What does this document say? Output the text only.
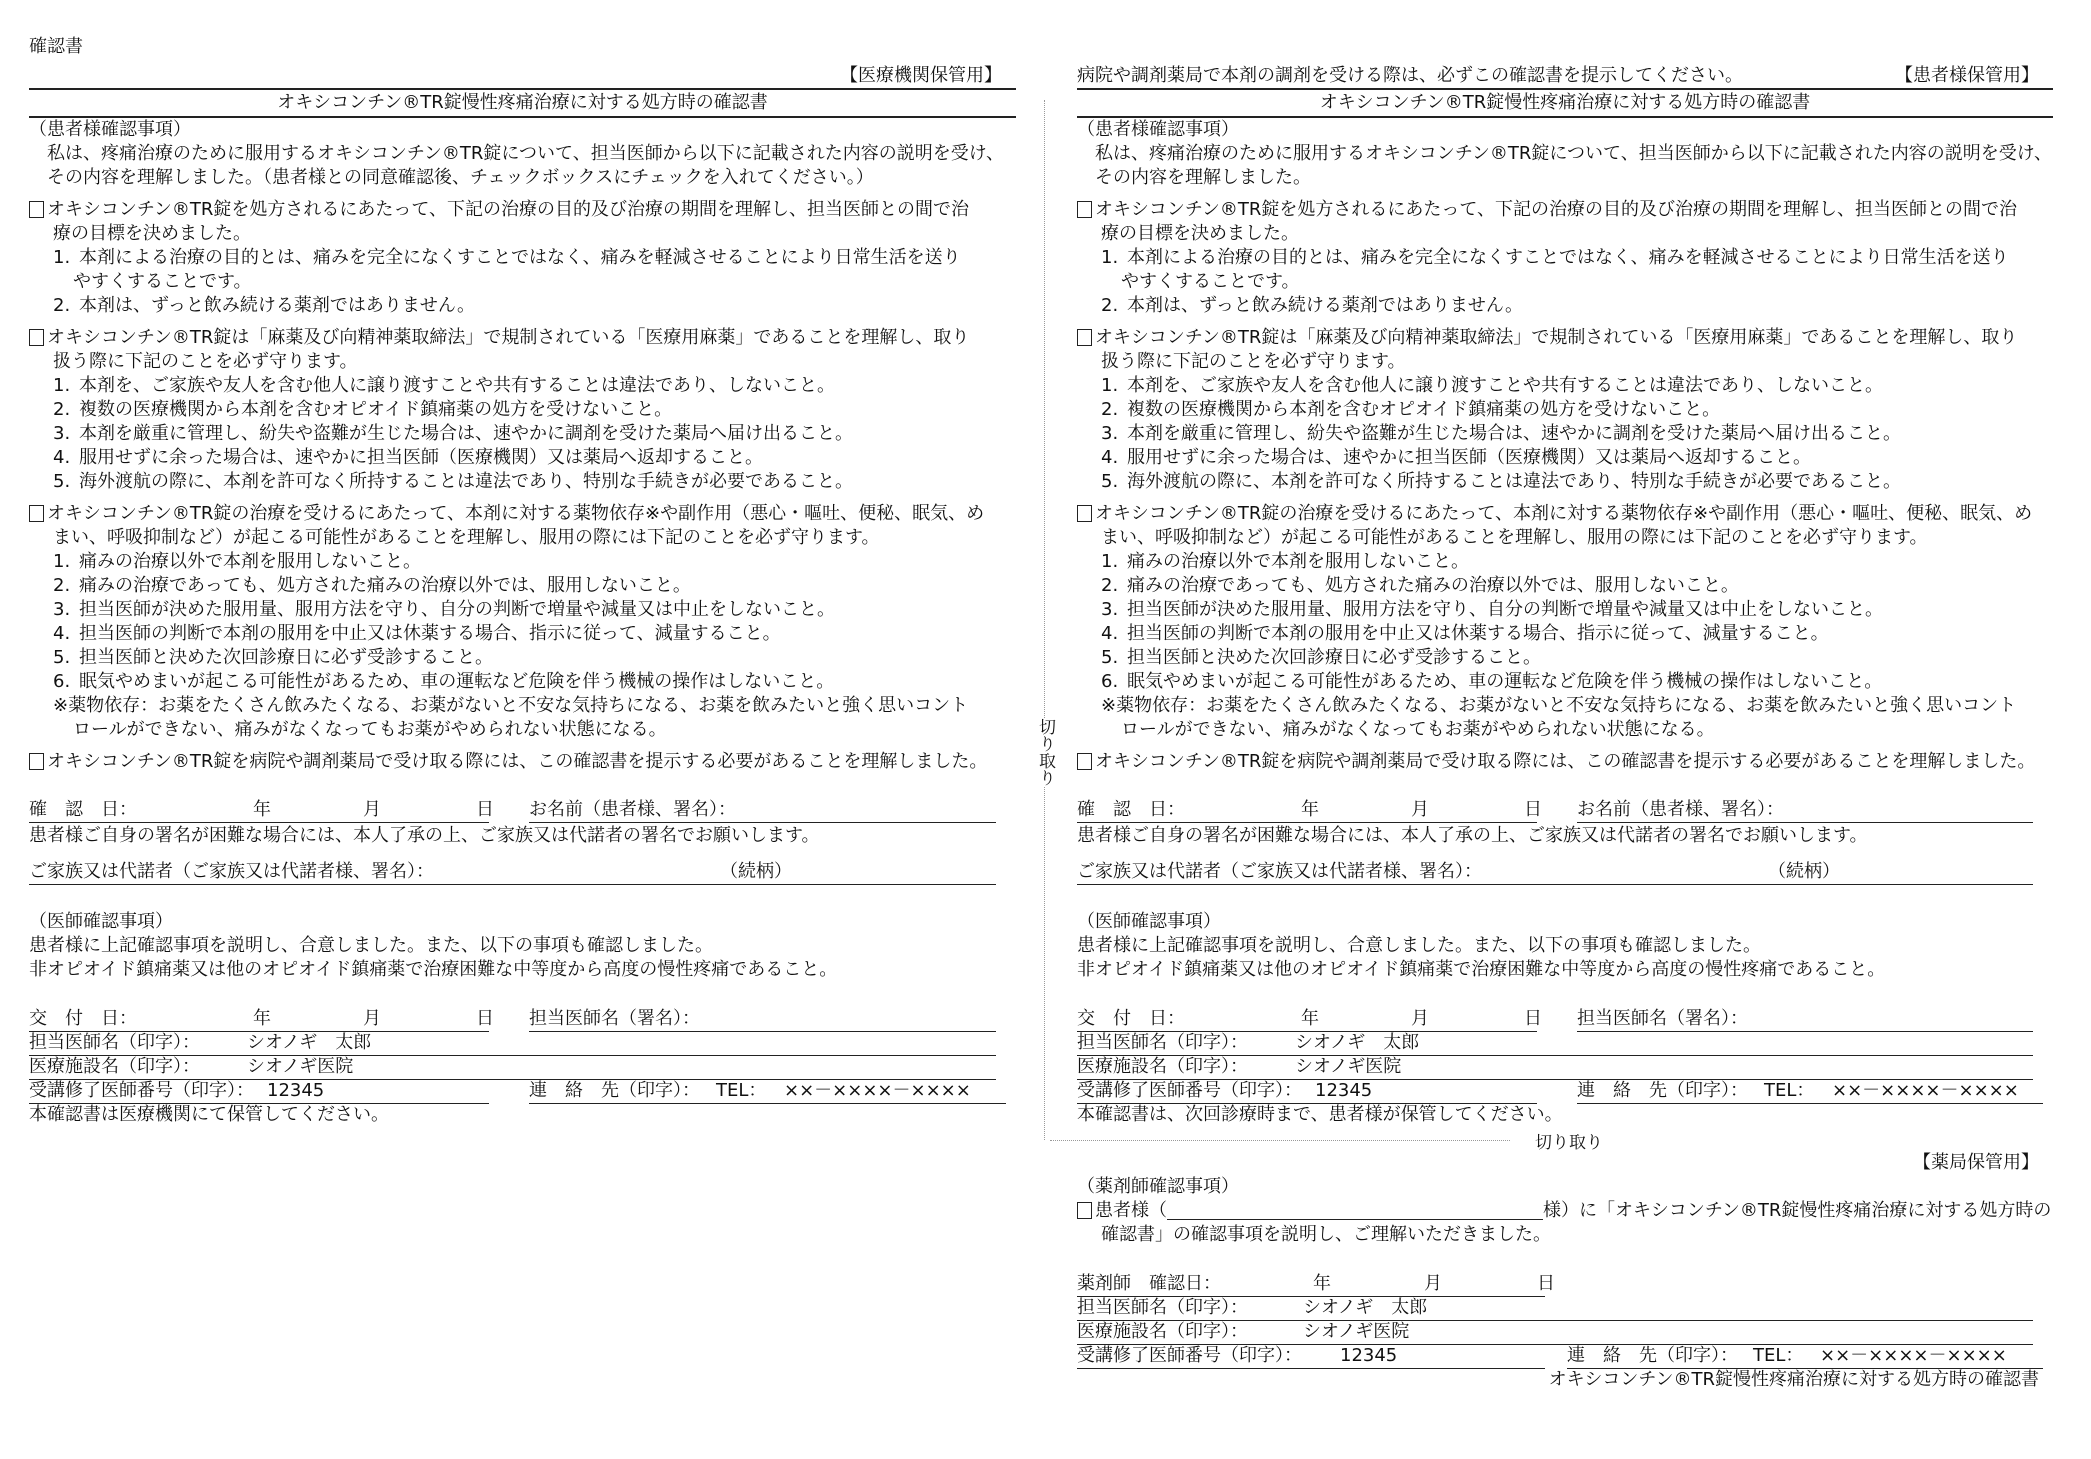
確認書
【医療機関保管用】
オキシコンチン®TR錠慢性疼痛治療に対する処方時の確認書
（患者様確認事項）
私は、疼痛治療のために服用するオキシコンチン®TR錠について、担当医師から以下に記載された内容の説明を受け、
その内容を理解しました。（患者様との同意確認後、チェックボックスにチェックを入れてください。）
オキシコンチン®TR錠を処方されるにあたって、下記の治療の目的及び治療の期間を理解し、担当医師との間で治
療の目標を決めました。
1. 本剤による治療の目的とは、痛みを完全になくすことではなく、痛みを軽減させることにより日常生活を送り
やすくすることです。
2. 本剤は、ずっと飲み続ける薬剤ではありません。
オキシコンチン®TR錠は「麻薬及び向精神薬取締法」で規制されている「医療用麻薬」であることを理解し、取り
扱う際に下記のことを必ず守ります。
1. 本剤を、ご家族や友人を含む他人に譲り渡すことや共有することは違法であり、しないこと。
2. 複数の医療機関から本剤を含むオピオイド鎮痛薬の処方を受けないこと。
3. 本剤を厳重に管理し、紛失や盗難が生じた場合は、速やかに調剤を受けた薬局へ届け出ること。
4. 服用せずに余った場合は、速やかに担当医師（医療機関）又は薬局へ返却すること。
5. 海外渡航の際に、本剤を許可なく所持することは違法であり、特別な手続きが必要であること。
オキシコンチン®TR錠の治療を受けるにあたって、本剤に対する薬物依存※や副作用（悪心・嘔吐、便秘、眠気、め
まい、呼吸抑制など）が起こる可能性があることを理解し、服用の際には下記のことを必ず守ります。
1. 痛みの治療以外で本剤を服用しないこと。
2. 痛みの治療であっても、処方された痛みの治療以外では、服用しないこと。
3. 担当医師が決めた服用量、服用方法を守り、自分の判断で増量や減量又は中止をしないこと。
4. 担当医師の判断で本剤の服用を中止又は休薬する場合、指示に従って、減量すること。
5. 担当医師と決めた次回診療日に必ず受診すること。
6. 眠気やめまいが起こる可能性があるため、車の運転など危険を伴う機械の操作はしないこと。
※薬物依存：お薬をたくさん飲みたくなる、お薬がないと不安な気持ちになる、お薬を飲みたいと強く思いコント
ロールができない、痛みがなくなってもお薬がやめられない状態になる。
オキシコンチン®TR錠を病院や調剤薬局で受け取る際には、この確認書を提示する必要があることを理解しました。
確　認　日：	年	月	日 お名前（患者様、署名）：
患者様ご自身の署名が困難な場合には、本人了承の上、ご家族又は代諾者の署名でお願いします。
ご家族又は代諾者（ご家族又は代諾者様、署名）：	（続柄）
（医師確認事項）
患者様に上記確認事項を説明し、合意しました。また、以下の事項も確認しました。
非オピオイド鎮痛薬又は他のオピオイド鎮痛薬で治療困難な中等度から高度の慢性疼痛であること。
交　付　日：	年	月	日 担当医師名（署名）：
担当医師名（印字）：	シオノギ　太郎
医療施設名（印字）：	シオノギ医院
受講修了医師番号（印字）： 12345	連　絡　先（印字）： TEL： ××－××××－××××
本確認書は医療機関にて保管してください。
病院や調剤薬局で本剤の調剤を受ける際は、必ずこの確認書を提示してください。	【患者様保管用】
オキシコンチン®TR錠慢性疼痛治療に対する処方時の確認書
（患者様確認事項）
私は、疼痛治療のために服用するオキシコンチン®TR錠について、担当医師から以下に記載された内容の説明を受け、
その内容を理解しました。
オキシコンチン®TR錠を処方されるにあたって、下記の治療の目的及び治療の期間を理解し、担当医師との間で治
療の目標を決めました。
1. 本剤による治療の目的とは、痛みを完全になくすことではなく、痛みを軽減させることにより日常生活を送り
やすくすることです。
2. 本剤は、ずっと飲み続ける薬剤ではありません。
オキシコンチン®TR錠は「麻薬及び向精神薬取締法」で規制されている「医療用麻薬」であることを理解し、取り
扱う際に下記のことを必ず守ります。
1. 本剤を、ご家族や友人を含む他人に譲り渡すことや共有することは違法であり、しないこと。
2. 複数の医療機関から本剤を含むオピオイド鎮痛薬の処方を受けないこと。
3. 本剤を厳重に管理し、紛失や盗難が生じた場合は、速やかに調剤を受けた薬局へ届け出ること。
4. 服用せずに余った場合は、速やかに担当医師（医療機関）又は薬局へ返却すること。
5. 海外渡航の際に、本剤を許可なく所持することは違法であり、特別な手続きが必要であること。
オキシコンチン®TR錠の治療を受けるにあたって、本剤に対する薬物依存※や副作用（悪心・嘔吐、便秘、眠気、め
まい、呼吸抑制など）が起こる可能性があることを理解し、服用の際には下記のことを必ず守ります。
1. 痛みの治療以外で本剤を服用しないこと。
2. 痛みの治療であっても、処方された痛みの治療以外では、服用しないこと。
3. 担当医師が決めた服用量、服用方法を守り、自分の判断で増量や減量又は中止をしないこと。
4. 担当医師の判断で本剤の服用を中止又は休薬する場合、指示に従って、減量すること。
5. 担当医師と決めた次回診療日に必ず受診すること。
6. 眠気やめまいが起こる可能性があるため、車の運転など危険を伴う機械の操作はしないこと。
※薬物依存：お薬をたくさん飲みたくなる、お薬がないと不安な気持ちになる、お薬を飲みたいと強く思いコント
ロールができない、痛みがなくなってもお薬がやめられない状態になる。
オキシコンチン®TR錠を病院や調剤薬局で受け取る際には、この確認書を提示する必要があることを理解しました。
確　認　日：	年	月	日 お名前（患者様、署名）：
患者様ご自身の署名が困難な場合には、本人了承の上、ご家族又は代諾者の署名でお願いします。
ご家族又は代諾者（ご家族又は代諾者様、署名）：	（続柄）
（医師確認事項）
患者様に上記確認事項を説明し、合意しました。また、以下の事項も確認しました。
非オピオイド鎮痛薬又は他のオピオイド鎮痛薬で治療困難な中等度から高度の慢性疼痛であること。
交　付　日：	年	月	日 担当医師名（署名）：
担当医師名（印字）：	シオノギ　太郎
医療施設名（印字）：	シオノギ医院
受講修了医師番号（印字）： 12345	連　絡　先（印字）： TEL： ××－××××－××××
本確認書は、次回診療時まで、患者様が保管してください。
【薬局保管用】
（薬剤師確認事項）
患者様（	様）に「オキシコンチン®TR錠慢性疼痛治療に対する処方時の
確認書」の確認事項を説明し、ご理解いただきました。
薬剤師　確認日：	年	月	日
担当医師名（印字）：	シオノギ　太郎
医療施設名（印字）：	シオノギ医院
受講修了医師番号（印字）： 12345	連　絡　先（印字）： TEL： ××－××××－××××
オキシコンチン®TR錠慢性疼痛治療に対する処方時の確認書
切り取り
切り取り
